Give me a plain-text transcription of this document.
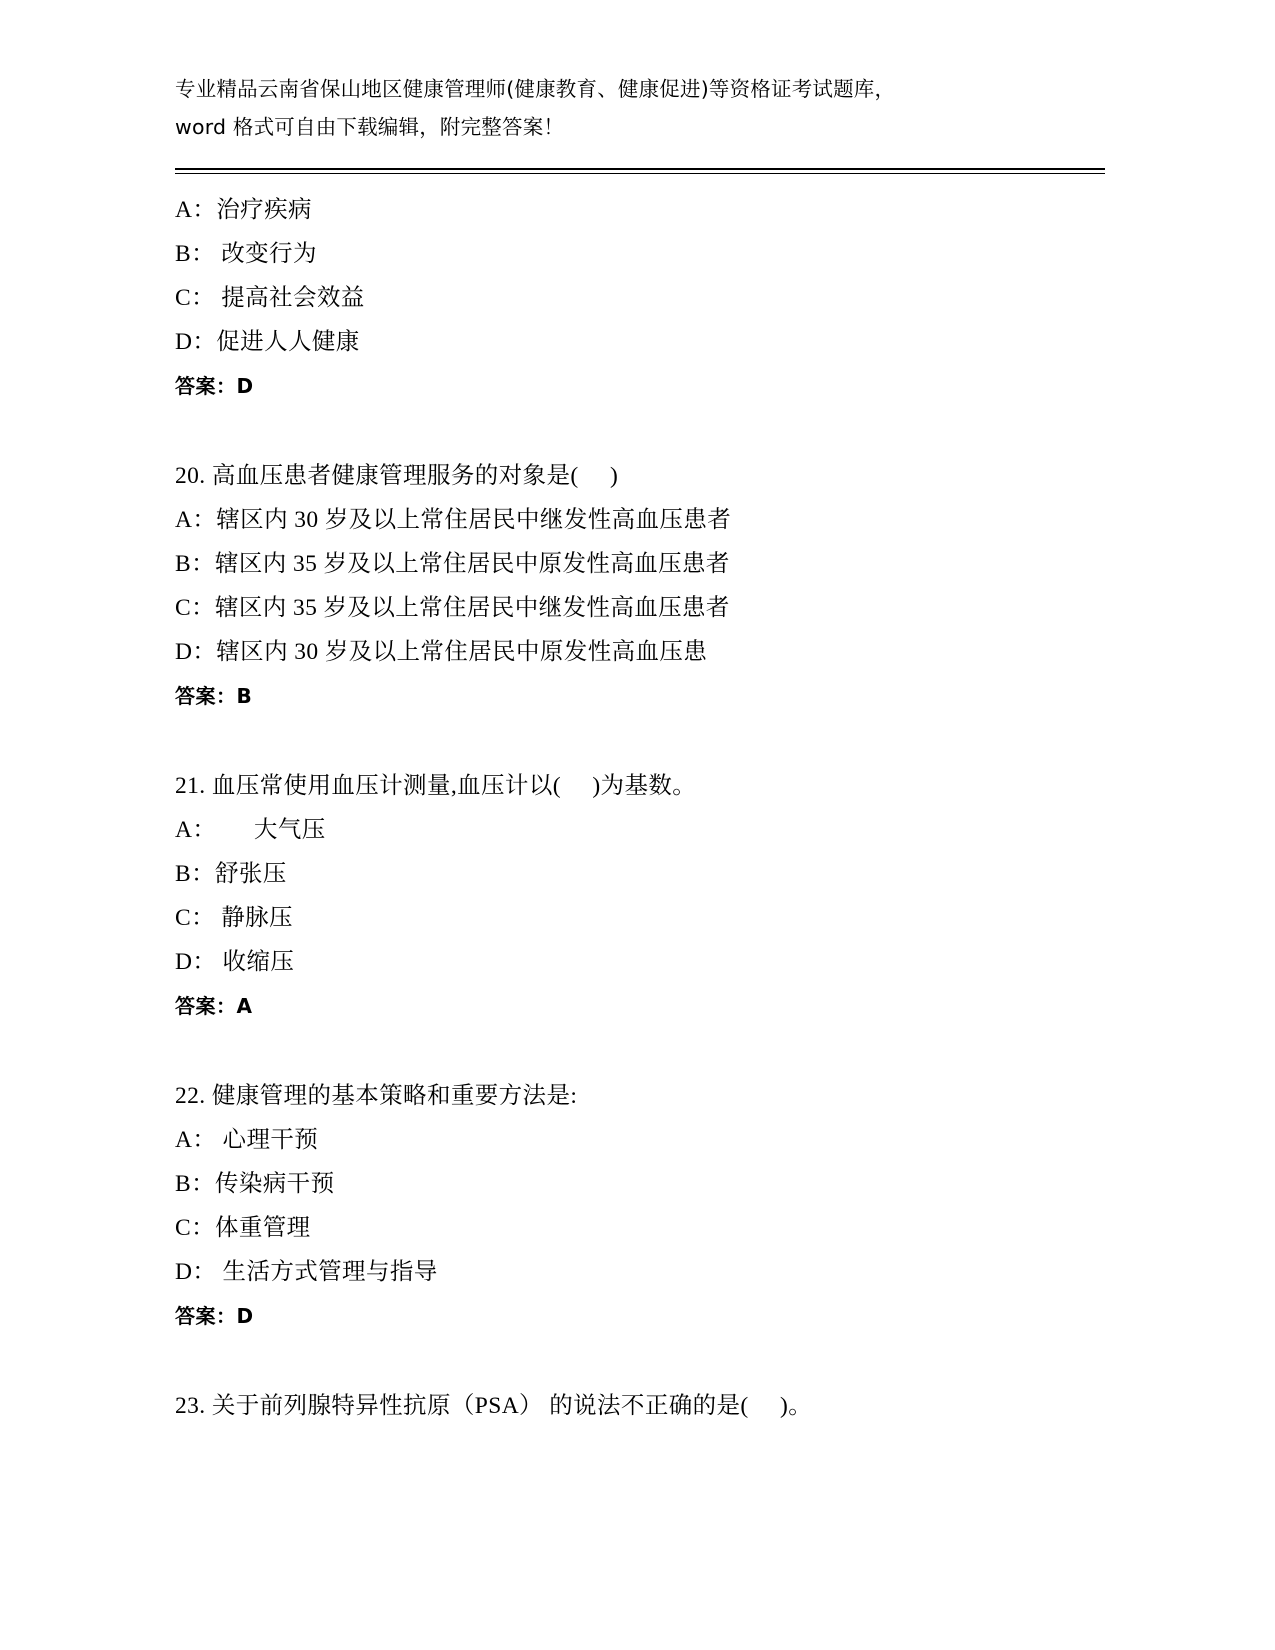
专业精品云南省保山地区健康管理师(健康教育、健康促进)等资格证考试题库，
word 格式可自由下载编辑，附完整答案！
A：治疗疾病
B： 改变行为
C： 提高社会效益
D：促进人人健康
答案：D
20. 高血压患者健康管理服务的对象是(     )
A：辖区内 30 岁及以上常住居民中继发性高血压患者
B：辖区内 35 岁及以上常住居民中原发性高血压患者
C：辖区内 35 岁及以上常住居民中继发性高血压患者
D：辖区内 30 岁及以上常住居民中原发性高血压患
答案：B
21. 血压常使用血压计测量,血压计以(     )为基数。
A：      大气压
B：舒张压
C： 静脉压
D： 收缩压
答案：A
22. 健康管理的基本策略和重要方法是:
A： 心理干预
B：传染病干预
C：体重管理
D： 生活方式管理与指导
答案：D
23. 关于前列腺特异性抗原（PSA） 的说法不正确的是(     )。
